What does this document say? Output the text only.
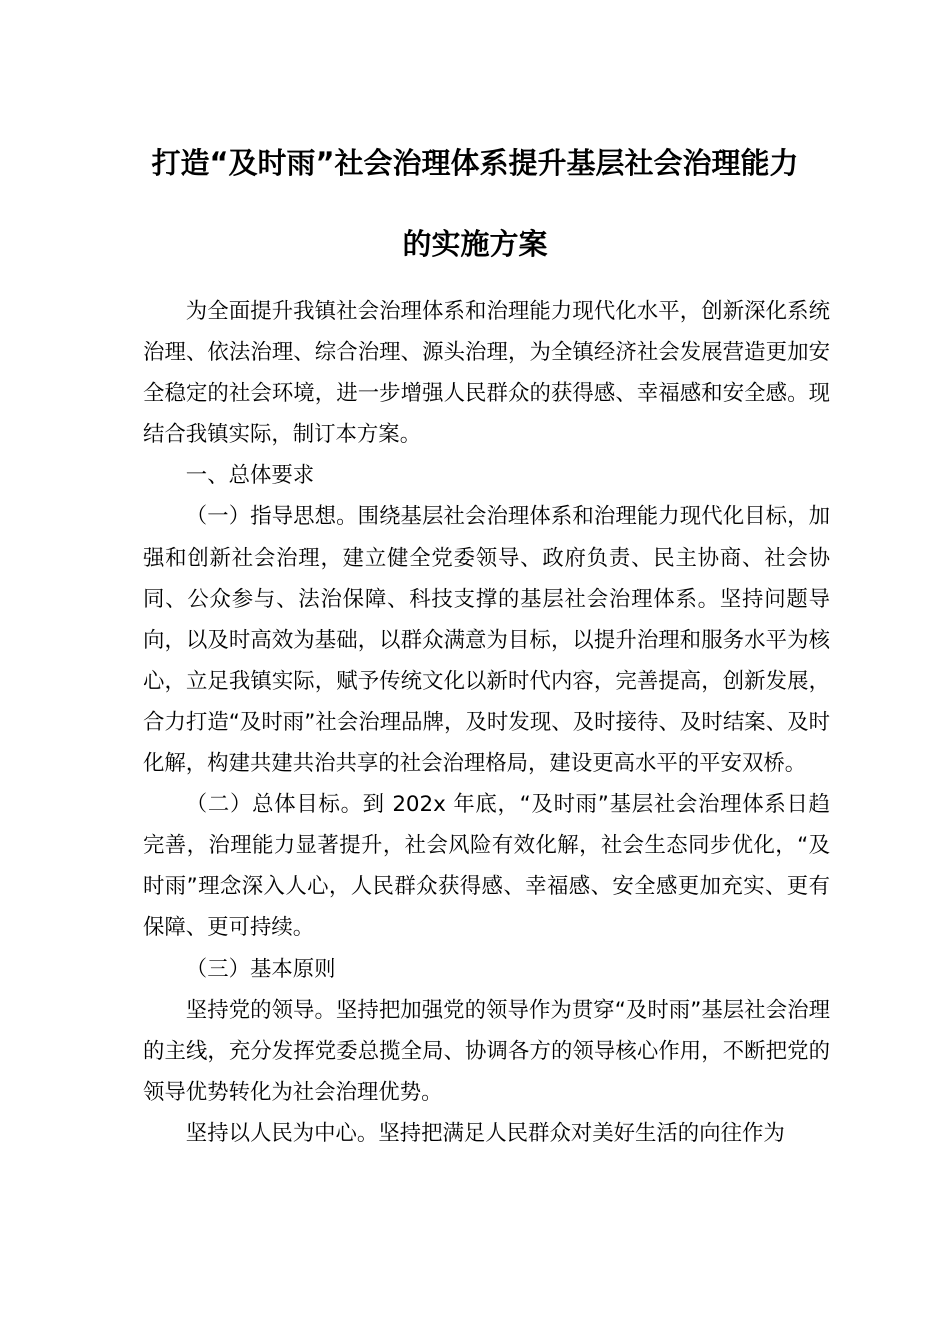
打造“及时雨”社会治理体系提升基层社会治理能力
的实施方案

为全面提升我镇社会治理体系和治理能力现代化水平，创新深化系统治理、依法治理、综合治理、源头治理，为全镇经济社会发展营造更加安全稳定的社会环境，进一步增强人民群众的获得感、幸福感和安全感。现结合我镇实际，制订本方案。

一、总体要求

（一）指导思想。围绕基层社会治理体系和治理能力现代化目标，加强和创新社会治理，建立健全党委领导、政府负责、民主协商、社会协同、公众参与、法治保障、科技支撑的基层社会治理体系。坚持问题导向，以及时高效为基础，以群众满意为目标，以提升治理和服务水平为核心，立足我镇实际，赋予传统文化以新时代内容，完善提高，创新发展，合力打造“及时雨”社会治理品牌，及时发现、及时接待、及时结案、及时化解，构建共建共治共享的社会治理格局，建设更高水平的平安双桥。

（二）总体目标。到 202x 年底，“及时雨”基层社会治理体系日趋完善，治理能力显著提升，社会风险有效化解，社会生态同步优化，“及时雨”理念深入人心，人民群众获得感、幸福感、安全感更加充实、更有保障、更可持续。

（三）基本原则

坚持党的领导。坚持把加强党的领导作为贯穿“及时雨”基层社会治理的主线，充分发挥党委总揽全局、协调各方的领导核心作用，不断把党的领导优势转化为社会治理优势。

坚持以人民为中心。坚持把满足人民群众对美好生活的向往作为
